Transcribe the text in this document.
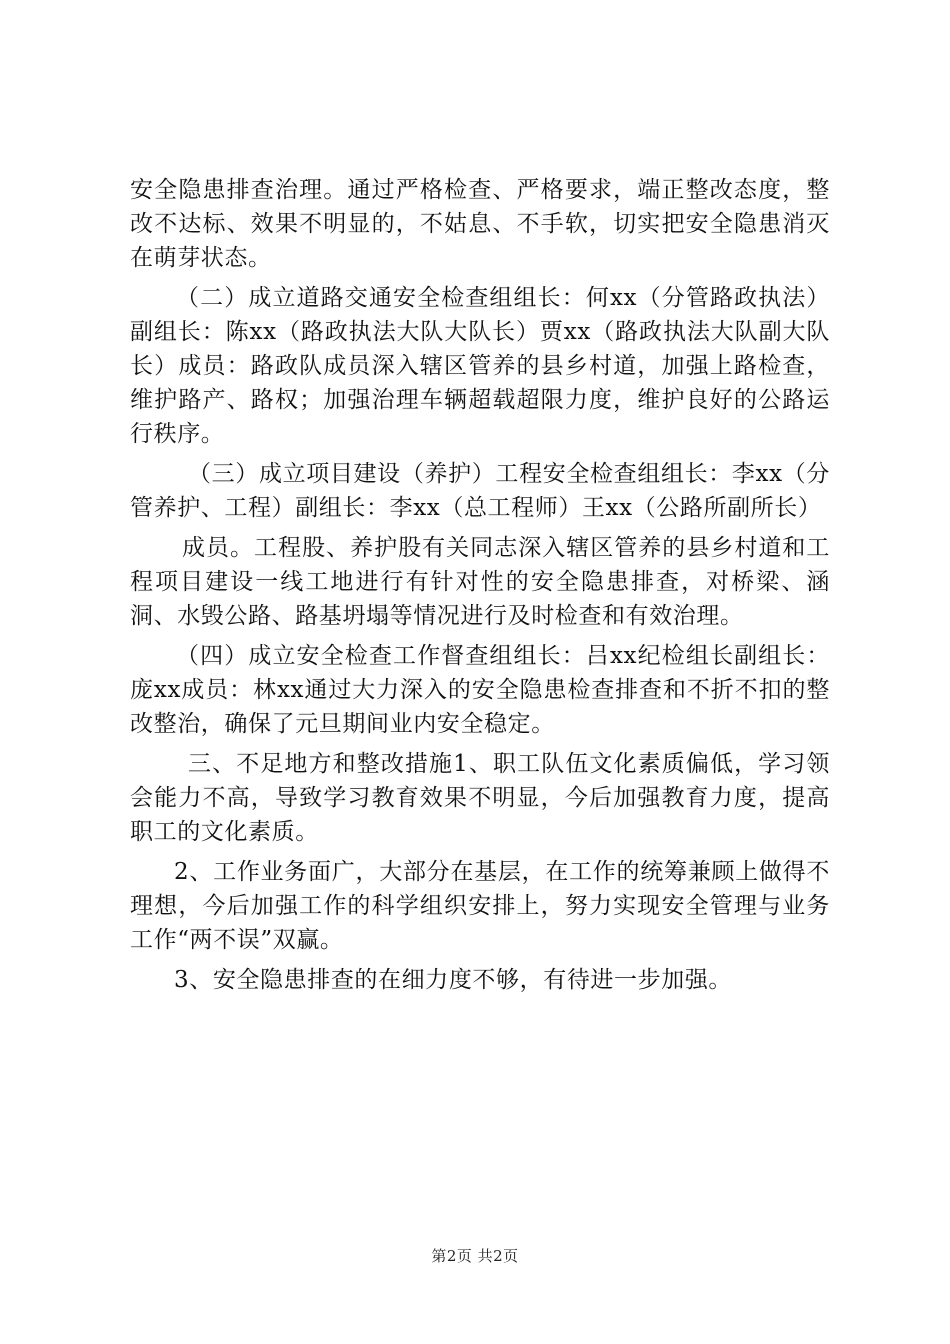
安全隐患排查治理。通过严格检查、严格要求，端正整改态度，整改不达标、效果不明显的，不姑息、不手软，切实把安全隐患消灭在萌芽状态。

（二）成立道路交通安全检查组组长：何xx（分管路政执法）副组长：陈xx（路政执法大队大队长）贾xx（路政执法大队副大队长）成员：路政队成员深入辖区管养的县乡村道，加强上路检查，维护路产、路权；加强治理车辆超载超限力度，维护良好的公路运行秩序。

（三）成立项目建设（养护）工程安全检查组组长：李xx（分管养护、工程）副组长：李xx（总工程师）王xx（公路所副所长）

成员。工程股、养护股有关同志深入辖区管养的县乡村道和工程项目建设一线工地进行有针对性的安全隐患排查，对桥梁、涵洞、水毁公路、路基坍塌等情况进行及时检查和有效治理。

（四）成立安全检查工作督查组组长：吕xx纪检组长副组长：庞xx成员：林xx通过大力深入的安全隐患检查排查和不折不扣的整改整治，确保了元旦期间业内安全稳定。

三、不足地方和整改措施1、职工队伍文化素质偏低，学习领会能力不高，导致学习教育效果不明显，今后加强教育力度，提高职工的文化素质。

2、工作业务面广，大部分在基层，在工作的统筹兼顾上做得不理想，今后加强工作的科学组织安排上，努力实现安全管理与业务工作“两不误”双赢。

3、安全隐患排查的在细力度不够，有待进一步加强。

第2页 共2页
